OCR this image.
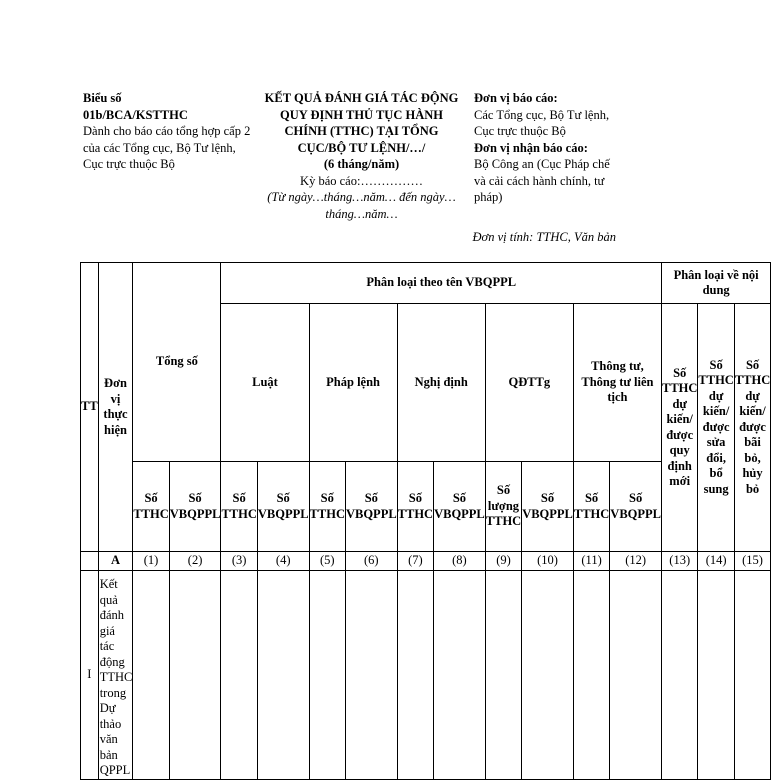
Biểu số
01b/BCA/KSTTHC
Dành cho báo cáo tổng hợp cấp 2 của các Tổng cục, Bộ Tư lệnh, Cục trực thuộc Bộ
KẾT QUẢ ĐÁNH GIÁ TÁC ĐỘNG
QUY ĐỊNH THỦ TỤC HÀNH
CHÍNH (TTHC) TẠI TỔNG
CỤC/BỘ TƯ LỆNH/…/
(6 tháng/năm)
Kỳ báo cáo:……………
(Từ ngày…tháng…năm… đến ngày…
tháng…năm…
Đơn vị báo cáo:
Các Tổng cục, Bộ Tư lệnh, Cục trực thuộc Bộ
Đơn vị nhận báo cáo:
Bộ Công an (Cục Pháp chế và cải cách hành chính, tư pháp)
Đơn vị tính: TTHC, Văn bản
TT	Đơn vị thực hiện	Tổng số		Phân loại theo tên VBQPPL										Phân loại về nội dung		
				Luật		Pháp lệnh		Nghị định		QĐTTg		Thông tư, Thông tư liên tịch		Số TTHC dự kiến/được quy định mới	Số TTHC dự kiến/được sửa đổi, bổ sung	Số TTHC dự kiến/được bãi bỏ, hủy bỏ
		Số TTHC	Số VBQPPL	Số TTHC	Số VBQPPL	Số TTHC	Số VBQPPL	Số TTHC	Số VBQPPL	Số lượng TTHC	Số VBQPPL	Số TTHC	Số VBQPPL			
	A	(1)	(2)	(3)	(4)	(5)	(6)	(7)	(8)	(9)	(10)	(11)	(12)	(13)	(14)	(15)
I	Kết quả đánh giá tác động TTHC trong Dự thảo văn bản QPPL															
